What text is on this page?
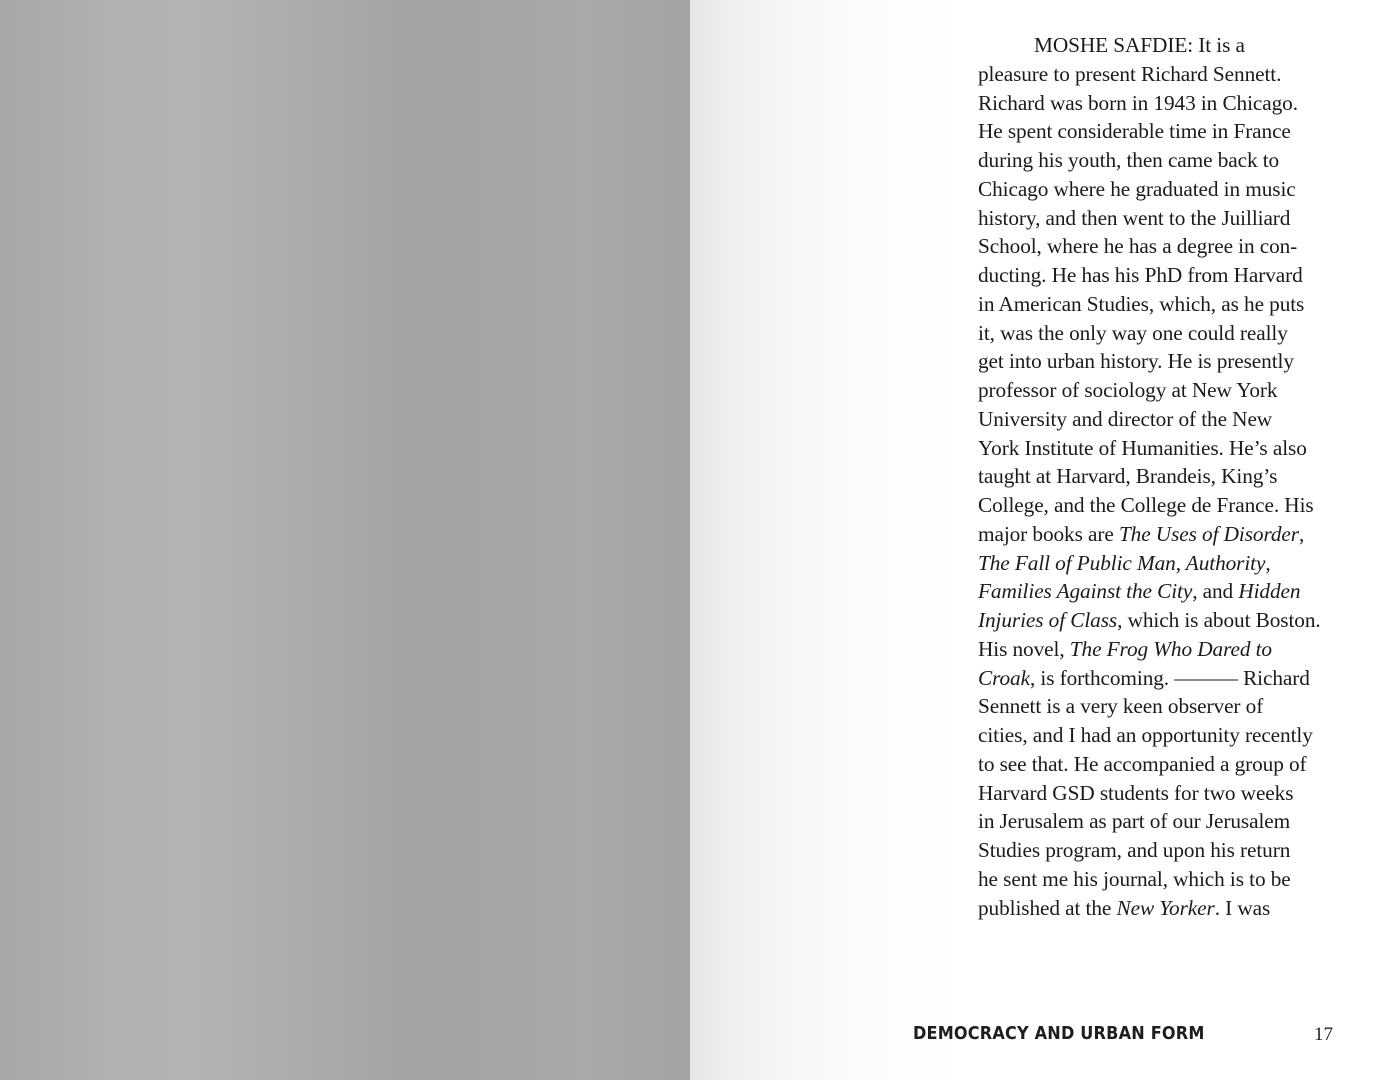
MOSHE SAFDIE: It is a
pleasure to present Richard Sennett.
Richard was born in 1943 in Chicago.
He spent considerable time in France
during his youth, then came back to
Chicago where he graduated in music
history, and then went to the Juilliard
School, where he has a degree in con-
ducting. He has his PhD from Harvard
in American Studies, which, as he puts
it, was the only way one could really
get into urban history. He is presently
professor of sociology at New York
University and director of the New
York Institute of Humanities. He’s also
taught at Harvard, Brandeis, King’s
College, and the College de France. His
major books are The Uses of Disorder,
The Fall of Public Man, Authority,
Families Against the City, and Hidden
Injuries of Class, which is about Boston.
His novel, The Frog Who Dared to
Croak, is forthcoming. ——— Richard
Sennett is a very keen observer of
cities, and I had an opportunity recently
to see that. He accompanied a group of
Harvard GSD students for two weeks
in Jerusalem as part of our Jerusalem
Studies program, and upon his return
he sent me his journal, which is to be
published at the New Yorker. I was

DEMOCRACY AND URBAN FORM	17
